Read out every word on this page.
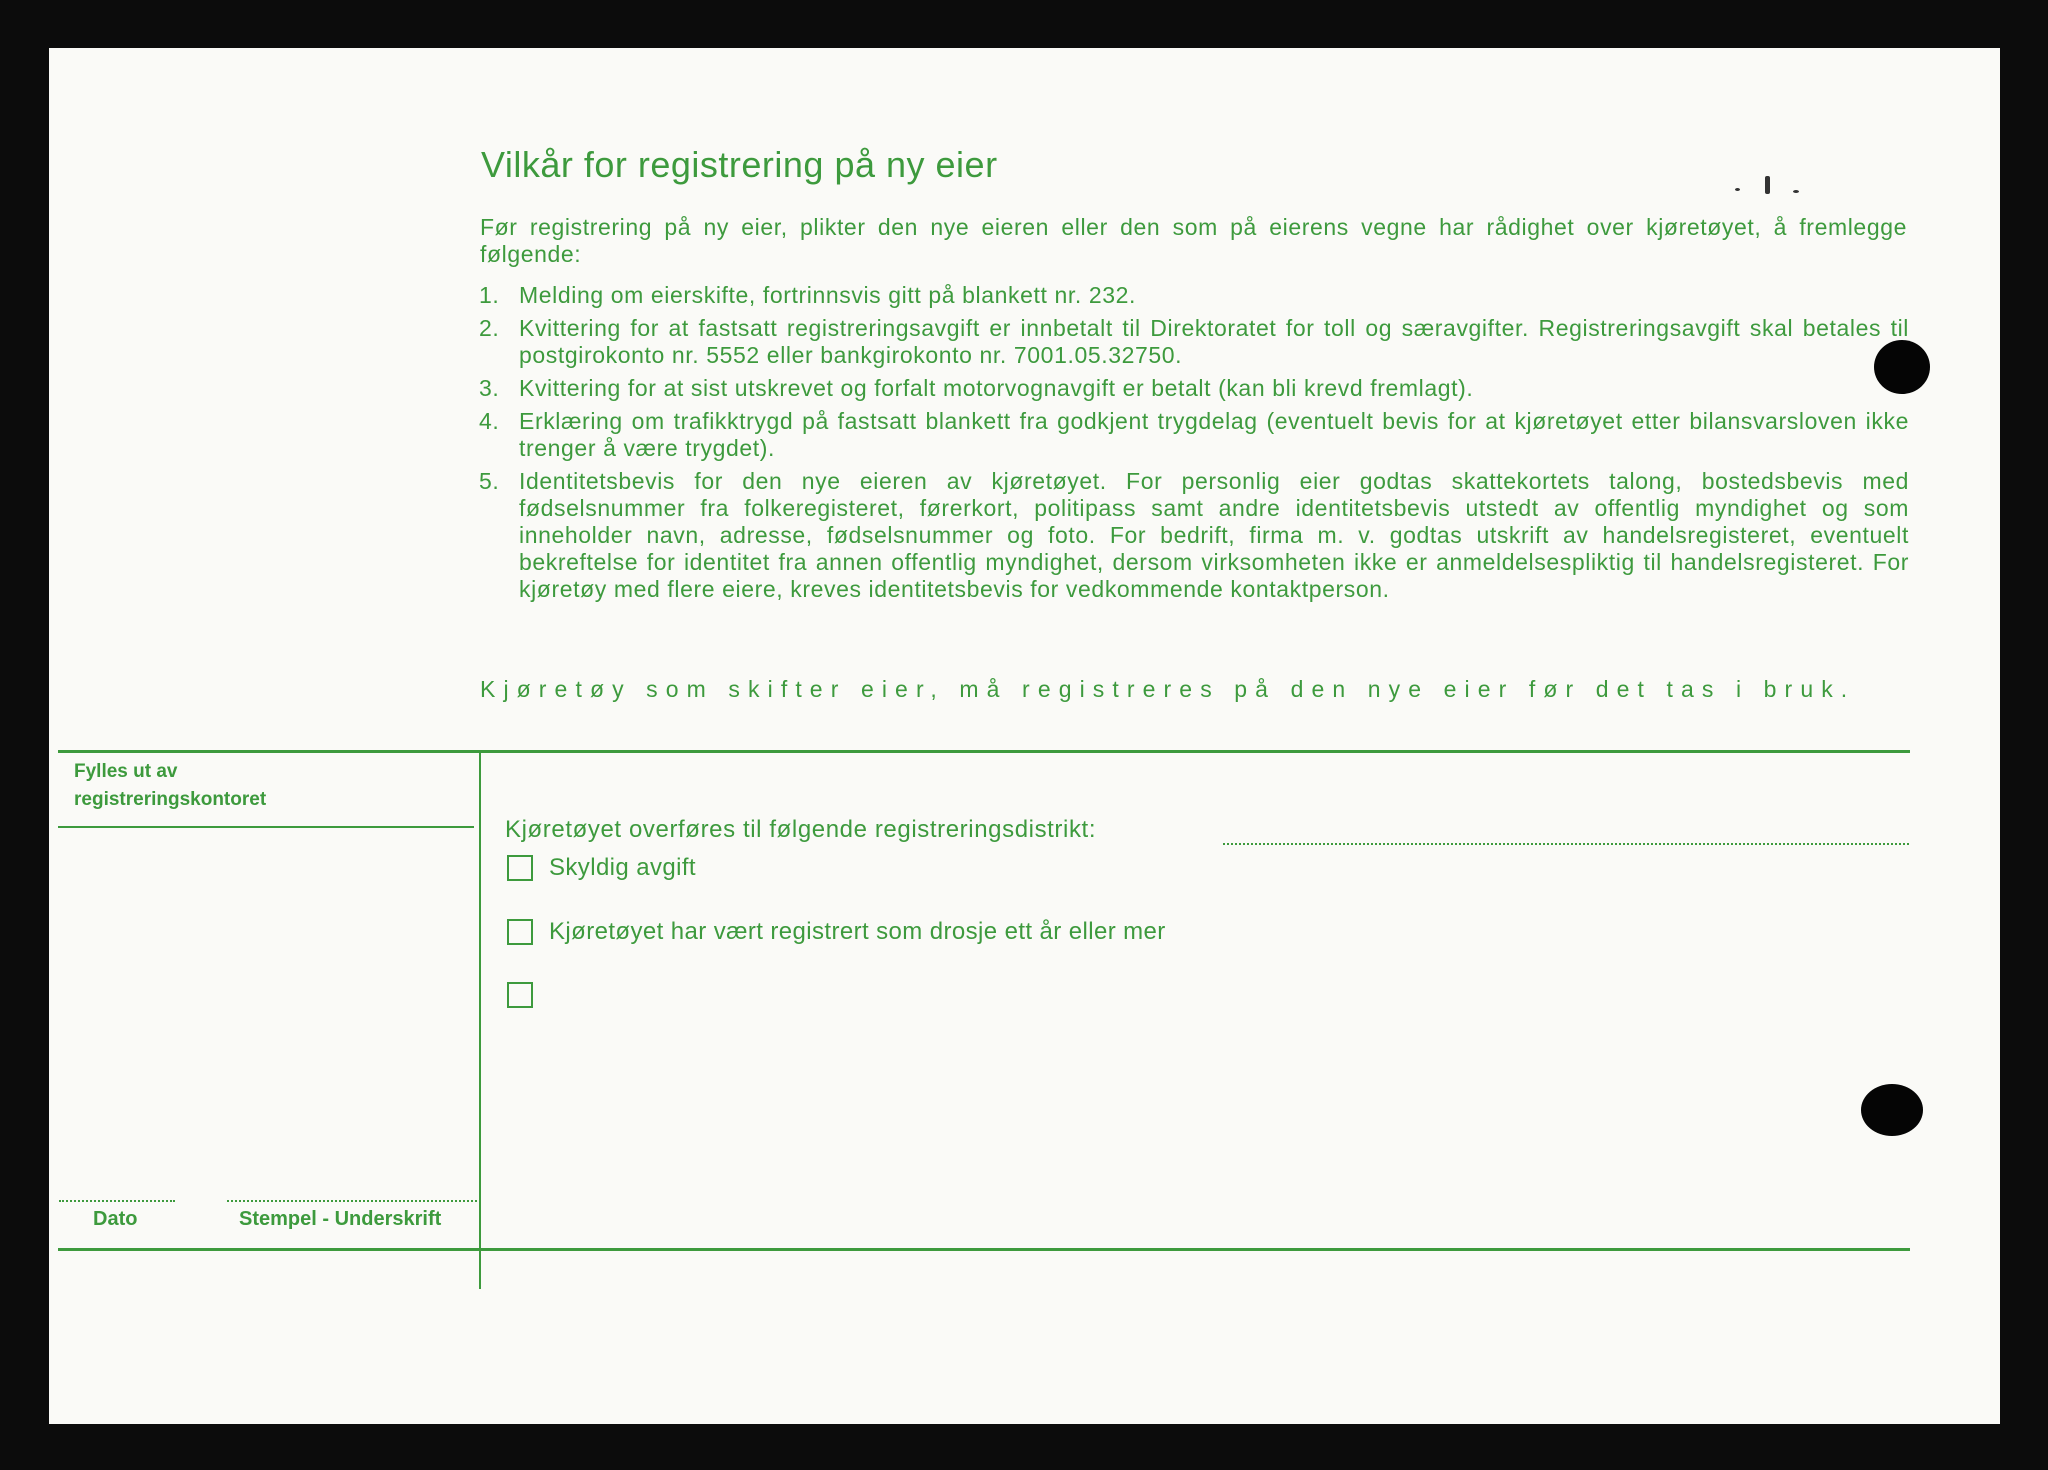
Vilkår for registrering på ny eier
Før registrering på ny eier, plikter den nye eieren eller den som på eierens vegne har rådighet over kjøretøyet, å fremlegge følgende:
1. Melding om eierskifte, fortrinnsvis gitt på blankett nr. 232.
2. Kvittering for at fastsatt registreringsavgift er innbetalt til Direktoratet for toll og særavgifter. Registreringsavgift skal betales til postgirokonto nr. 5552 eller bankgirokonto nr. 7001.05.32750.
3. Kvittering for at sist utskrevet og forfalt motorvognavgift er betalt (kan bli krevd fremlagt).
4. Erklæring om trafikktrygd på fastsatt blankett fra godkjent trygdelag (eventuelt bevis for at kjøretøyet etter bilansvarsloven ikke trenger å være trygdet).
5. Identitetsbevis for den nye eieren av kjøretøyet. For personlig eier godtas skattekortets talong, bostedsbevis med fødselsnummer fra folkeregisteret, førerkort, politipass samt andre identitetsbevis utstedt av offentlig myndighet og som inneholder navn, adresse, fødselsnummer og foto. For bedrift, firma m. v. godtas utskrift av handelsregisteret, eventuelt bekreftelse for identitet fra annen offentlig myndighet, dersom virksomheten ikke er anmeldelsespliktig til handelsregisteret. For kjøretøy med flere eiere, kreves identitetsbevis for vedkommende kontaktperson.
Kjøretøy som skifter eier, må registreres på den nye eier før det tas i bruk.
Fylles ut av
registreringskontoret
Dato	Stempel - Underskrift
Kjøretøyet overføres til følgende registreringsdistrikt:
Skyldig avgift
Kjøretøyet har vært registrert som drosje ett år eller mer
